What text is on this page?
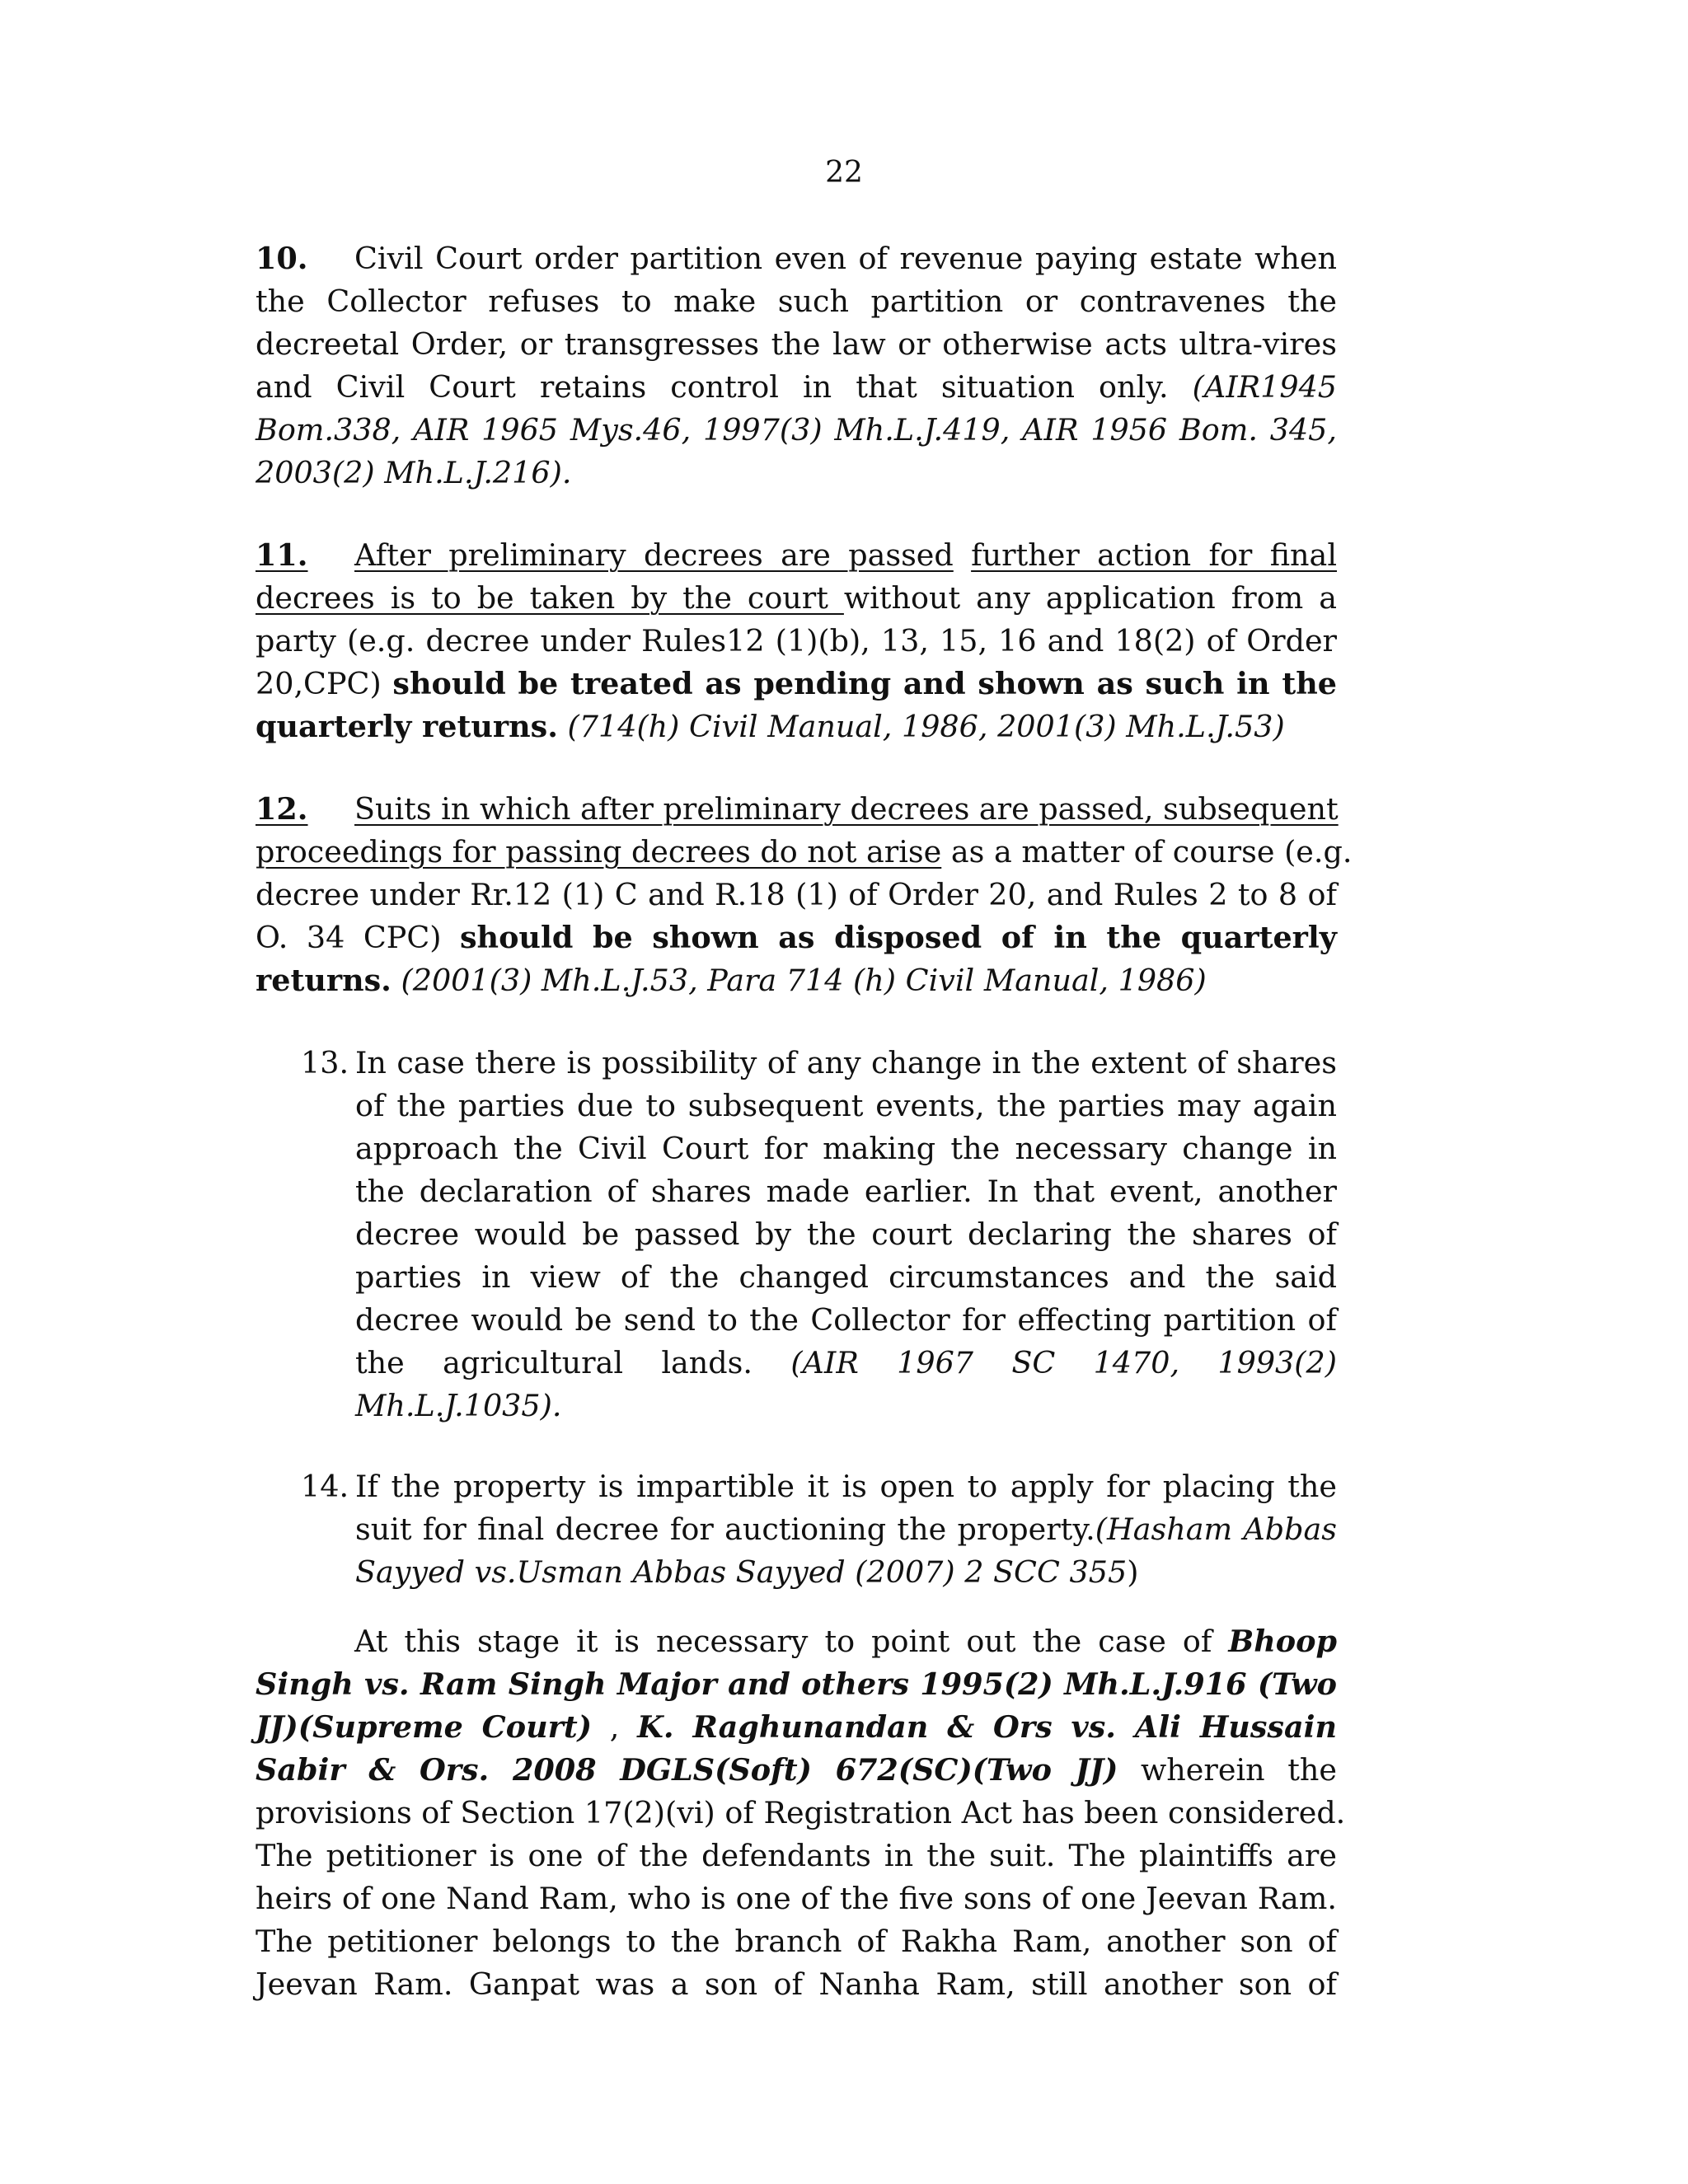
22
10. Civil Court order partition even of revenue paying estate when
the Collector refuses to make such partition or contravenes the
decreetal Order, or transgresses the law or otherwise acts ultra-vires
and Civil Court retains control in that situation only. (AIR1945
Bom.338, AIR 1965 Mys.46, 1997(3) Mh.L.J.419, AIR 1956 Bom. 345,
2003(2) Mh.L.J.216).
11. After preliminary decrees are passed further action for final
decrees is to be taken by the court without any application from a
party (e.g. decree under Rules12 (1)(b), 13, 15, 16 and 18(2) of Order
20,CPC) should be treated as pending and shown as such in the
quarterly returns. (714(h) Civil Manual, 1986, 2001(3) Mh.L.J.53)
12. Suits in which after preliminary decrees are passed, subsequent
proceedings for passing decrees do not arise as a matter of course (e.g.
decree under Rr.12 (1) C and R.18 (1) of Order 20, and Rules 2 to 8 of
O. 34 CPC) should be shown as disposed of in the quarterly
returns. (2001(3) Mh.L.J.53, Para 714 (h) Civil Manual, 1986)
13. In case there is possibility of any change in the extent of shares
of the parties due to subsequent events, the parties may again
approach the Civil Court for making the necessary change in
the declaration of shares made earlier. In that event, another
decree would be passed by the court declaring the shares of
parties in view of the changed circumstances and the said
decree would be send to the Collector for effecting partition of
the agricultural lands. (AIR 1967 SC 1470, 1993(2)
Mh.L.J.1035).
14. If the property is impartible it is open to apply for placing the
suit for final decree for auctioning the property.(Hasham Abbas
Sayyed vs.Usman Abbas Sayyed (2007) 2 SCC 355)
At this stage it is necessary to point out the case of Bhoop
Singh vs. Ram Singh Major and others 1995(2) Mh.L.J.916 (Two
JJ)(Supreme Court) , K. Raghunandan & Ors vs. Ali Hussain
Sabir & Ors. 2008 DGLS(Soft) 672(SC)(Two JJ) wherein the
provisions of Section 17(2)(vi) of Registration Act has been considered.
The petitioner is one of the defendants in the suit. The plaintiffs are
heirs of one Nand Ram, who is one of the five sons of one Jeevan Ram.
The petitioner belongs to the branch of Rakha Ram, another son of
Jeevan Ram. Ganpat was a son of Nanha Ram, still another son of
